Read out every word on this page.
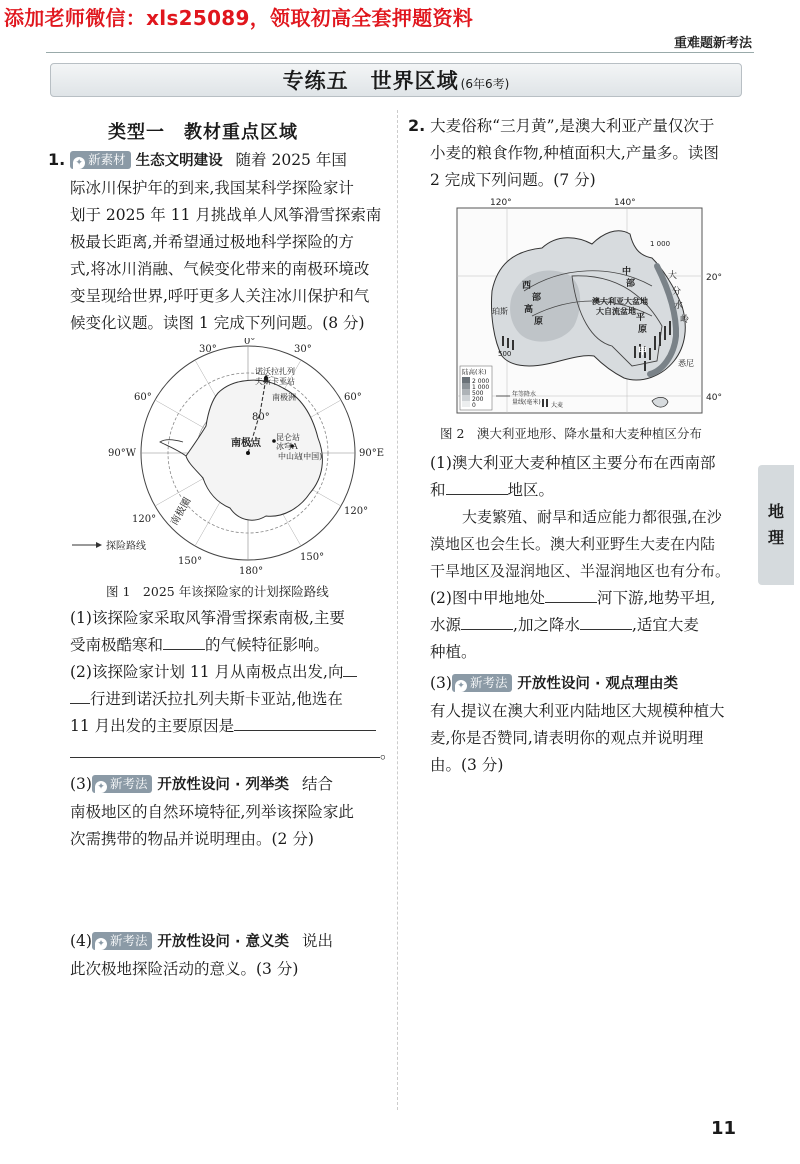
添加老师微信：xls25089，领取初高全套押题资料
重难题新考法
专练五　世界区域 (6年6考)
类型一　教材重点区域
1. ✦ 新素材 生态文明建设 随着 2025 年国
际冰川保护年的到来,我国某科学探险家计
划于 2025 年 11 月挑战单人风筝滑雪探索南
极最长距离,并希望通过极地科学探险的方
式,将冰川消融、气候变化带来的南极环境改
变呈现给世界,呼吁更多人关注冰川保护和气
候变化议题。读图 1 完成下列问题。(8 分)
30°
0°
30°
60°	60°
90°W	90°E
120°
120°
150°	150°
180°
80°
南极点
诺沃拉扎列
夫斯卡亚站
南极洲
昆仑站
冰穹A
中山站
(中国)
南极圈
探险路线
图 1　2025 年该探险家的计划探险路线
(1)该探险家采取风筝滑雪探索南极,主要
受南极酷寒和	的气候特征影响。
(2)该探险家计划 11 月从南极点出发,向
行进到诺沃拉扎列夫斯卡亚站,他选在
11 月出发的主要原因是
。
(3) ✦ 新考法 开放性设问 · 列举类 结合
南极地区的自然环境特征,列举该探险家此
次需携带的物品并说明理由。(2 分)
(4) ✦ 新考法 开放性设问 · 意义类 说出
此次极地探险活动的意义。(3 分)
2. 大麦俗称“三月黄”,是澳大利亚产量仅次于
小麦的粮食作物,种植面积大,产量多。读图
2 完成下列问题。(7 分)
120°	140°
20°
40°
西
部
高
原
中
部
平
原
澳大利亚大盆地
大自流盆地
甲
大
分
水
岭
珀斯
悉尼
500
1 000
陆高(米)
2 000
1 000
500
200
0
年等降水
量线(毫米) 大麦
图 2　澳大利亚地形、降水量和大麦种植区分布
(1)澳大利亚大麦种植区主要分布在西南部
和	地区。
大麦繁殖、耐旱和适应能力都很强,在沙
漠地区也会生长。澳大利亚野生大麦在内陆
干旱地区及湿润地区、半湿润地区也有分布。
(2)图中甲地地处	河下游,地势平坦,
水源	,加之降水	,适宜大麦
种植。
(3) ✦ 新考法 开放性设问 · 观点理由类
有人提议在澳大利亚内陆地区大规模种植大
麦,你是否赞同,请表明你的观点并说明理
由。(3 分)
地
理
11
